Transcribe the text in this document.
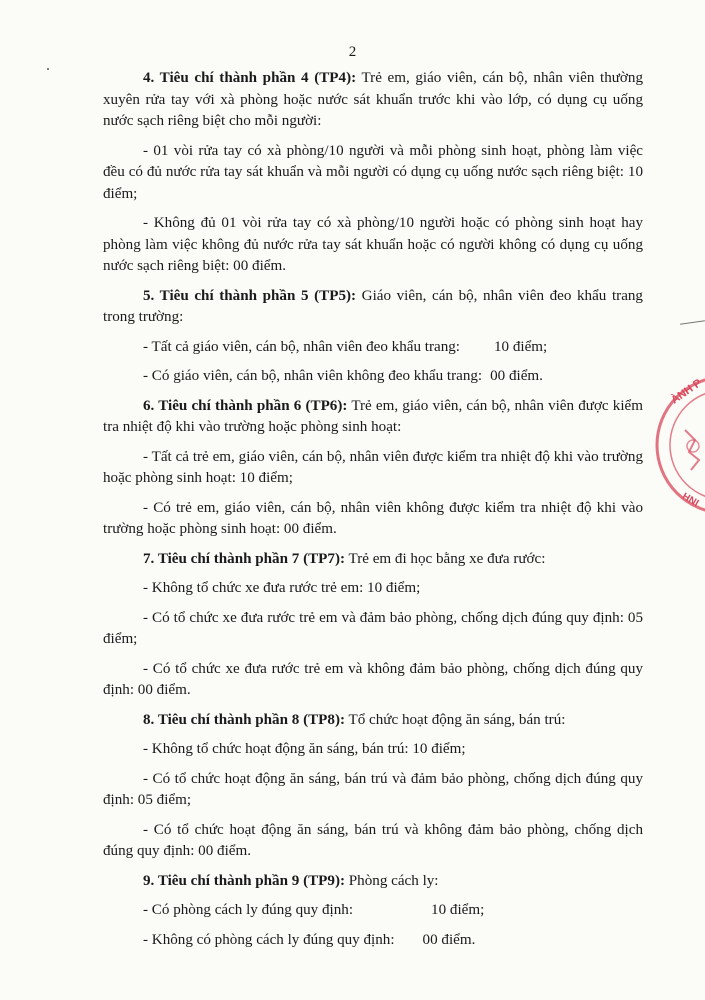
2
4. Tiêu chí thành phần 4 (TP4): Trẻ em, giáo viên, cán bộ, nhân viên thường xuyên rửa tay với xà phòng hoặc nước sát khuẩn trước khi vào lớp, có dụng cụ uống nước sạch riêng biệt cho mỗi người:
- 01 vòi rửa tay có xà phòng/10 người và mỗi phòng sinh hoạt, phòng làm việc đều có đủ nước rửa tay sát khuẩn và mỗi người có dụng cụ uống nước sạch riêng biệt: 10 điểm;
- Không đủ 01 vòi rửa tay có xà phòng/10 người hoặc có phòng sinh hoạt hay phòng làm việc không đủ nước rửa tay sát khuẩn hoặc có người không có dụng cụ uống nước sạch riêng biệt: 00 điểm.
5. Tiêu chí thành phần 5 (TP5): Giáo viên, cán bộ, nhân viên đeo khẩu trang trong trường:
- Tất cả giáo viên, cán bộ, nhân viên đeo khẩu trang: 10 điểm;
- Có giáo viên, cán bộ, nhân viên không đeo khẩu trang: 00 điểm.
6. Tiêu chí thành phần 6 (TP6): Trẻ em, giáo viên, cán bộ, nhân viên được kiểm tra nhiệt độ khi vào trường hoặc phòng sinh hoạt:
- Tất cả trẻ em, giáo viên, cán bộ, nhân viên được kiểm tra nhiệt độ khi vào trường hoặc phòng sinh hoạt: 10 điểm;
- Có trẻ em, giáo viên, cán bộ, nhân viên không được kiểm tra nhiệt độ khi vào trường hoặc phòng sinh hoạt: 00 điểm.
7. Tiêu chí thành phần 7 (TP7): Trẻ em đi học bằng xe đưa rước:
- Không tổ chức xe đưa rước trẻ em: 10 điểm;
- Có tổ chức xe đưa rước trẻ em và đảm bảo phòng, chống dịch đúng quy định: 05 điểm;
- Có tổ chức xe đưa rước trẻ em và không đảm bảo phòng, chống dịch đúng quy định: 00 điểm.
8. Tiêu chí thành phần 8 (TP8): Tổ chức hoạt động ăn sáng, bán trú:
- Không tổ chức hoạt động ăn sáng, bán trú: 10 điểm;
- Có tổ chức hoạt động ăn sáng, bán trú và đảm bảo phòng, chống dịch đúng quy định: 05 điểm;
- Có tổ chức hoạt động ăn sáng, bán trú và không đảm bảo phòng, chống dịch đúng quy định: 00 điểm.
9. Tiêu chí thành phần 9 (TP9): Phòng cách ly:
- Có phòng cách ly đúng quy định:	10 điểm;
- Không có phòng cách ly đúng quy định: 00 điểm.
ÀNH P
HNI
